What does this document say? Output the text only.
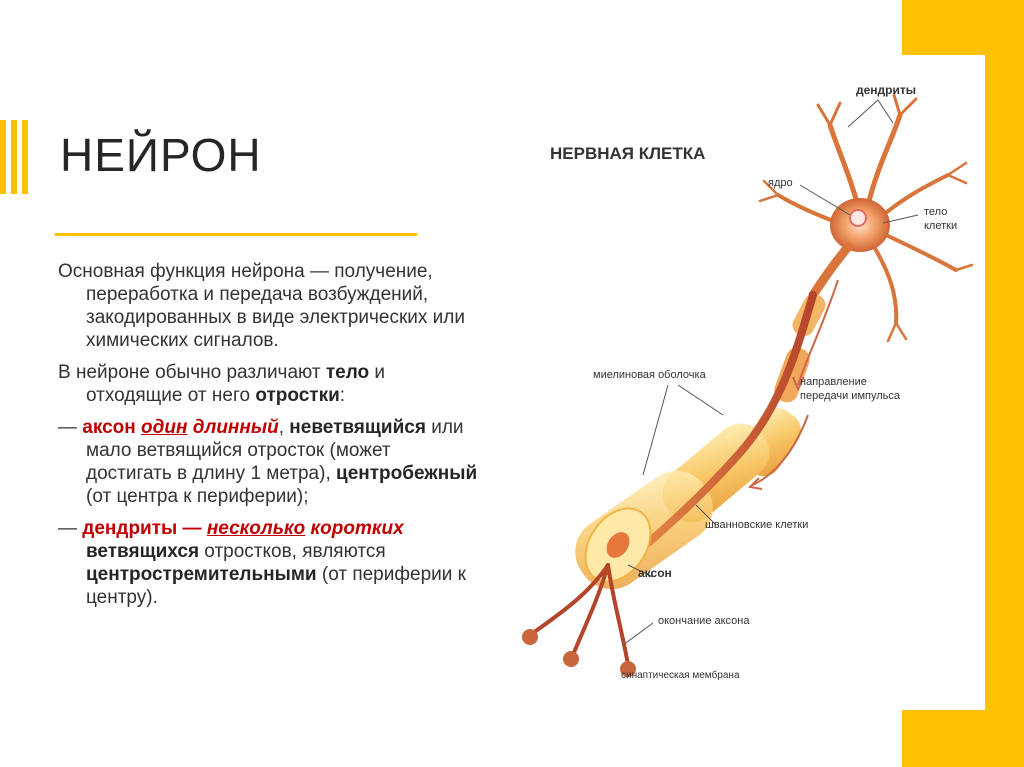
НЕЙРОН

Основная функция нейрона — получение, переработка и передача возбуждений, закодированных в виде электрических или химических сигналов.

В нейроне обычно различают тело и отходящие от него отростки:

— аксон один длинный, неветвящийся или мало ветвящийся отросток (может достигать в длину 1 метра), центробежный (от центра к периферии);

— дендриты — несколько коротких ветвящихся отростков, являются центростремительными (от периферии к центру).

НЕРВНАЯ КЛЕТКА
дендриты
ядро
тело
клетки
миелиновая оболочка
направление
передачи импульса
шванновские клетки
аксон
окончание аксона
синаптическая мембрана
